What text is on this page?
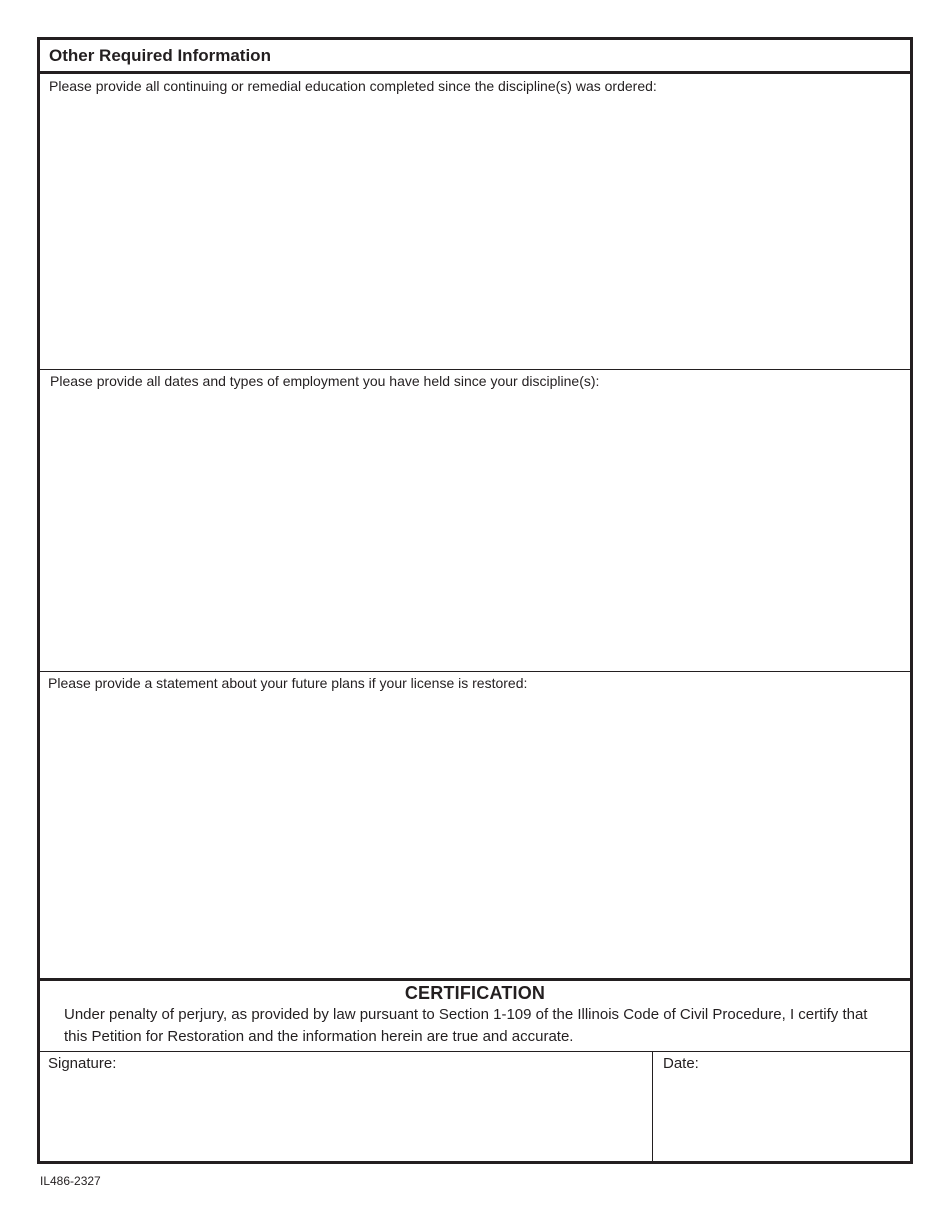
Other Required Information
Please provide all continuing or remedial education completed since the discipline(s) was ordered:
Please provide all dates and types of employment you have held since your discipline(s):
Please provide a statement about your future plans if your license is restored:
CERTIFICATION
Under penalty of perjury, as provided by law pursuant to Section 1-109 of the Illinois Code of Civil Procedure, I certify that this Petition for Restoration and the information herein are true and accurate.
Signature:	Date:
IL486-2327
